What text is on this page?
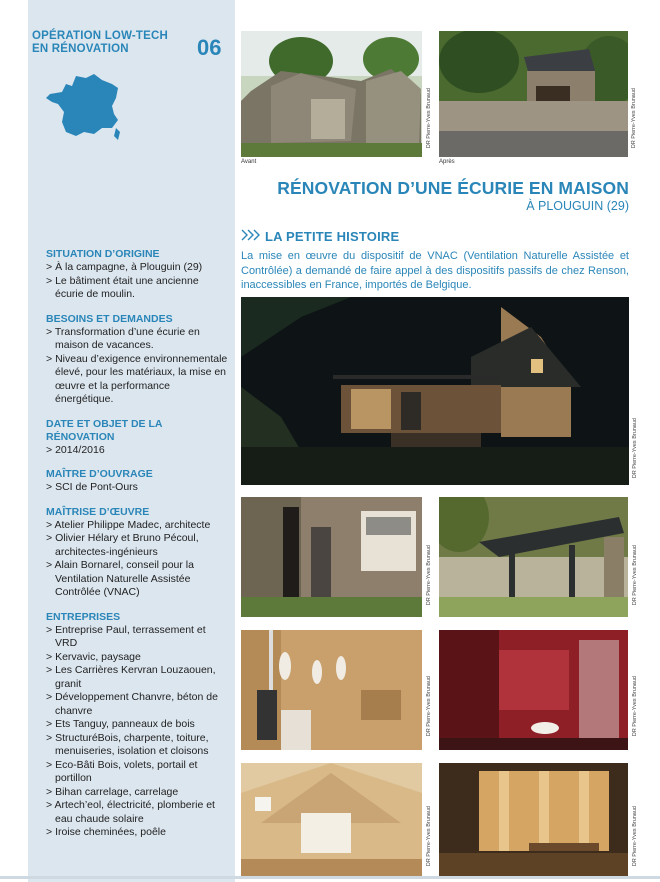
OPÉRATION LOW-TECH
EN RÉNOVATION	06
SITUATION D’ORIGINE
> À la campagne, à Plouguin (29)
> Le bâtiment était une ancienne écurie de moulin.
BESOINS ET DEMANDES
> Transformation d’une écurie en maison de vacances.
> Niveau d’exigence environnementale élevé, pour les matériaux, la mise en œuvre et la performance énergétique.
DATE ET OBJET DE LA RÉNOVATION
> 2014/2016
MAÎTRE D’OUVRAGE
> SCI de Pont-Ours
MAÎTRISE D’ŒUVRE
> Atelier Philippe Madec, architecte
> Olivier Hélary et Bruno Pécoul, architectes-ingénieurs
> Alain Bornarel, conseil pour la Ventilation Naturelle Assistée Contrôlée (VNAC)
ENTREPRISES
> Entreprise Paul, terrassement et VRD
> Kervavic, paysage
> Les Carrières Kervran Louzaouen, granit
> Développement Chanvre, béton de chanvre
> Ets Tanguy, panneaux de bois
> StructuréBois, charpente, toiture, menuiseries, isolation et cloisons
> Eco-Bâti Bois, volets, portail et portillon
> Bihan carrelage, carrelage
> Artech’eol, électricité, plomberie et eau chaude solaire
> Iroise cheminées, poêle
Avant
DR Pierre-Yves Brunaud
Après
DR Pierre-Yves Brunaud
RÉNOVATION D’UNE ÉCURIE EN MAISON
À PLOUGUIN (29)
LA PETITE HISTOIRE
La mise en œuvre du dispositif de VNAC (Ventilation Naturelle Assistée et Contrôlée) a demandé de faire appel à des dispositifs passifs de chez Renson, inaccessibles en France, importés de Belgique.
DR Pierre-Yves Brunaud
DR Pierre-Yves Brunaud	DR Pierre-Yves Brunaud
DR Pierre-Yves Brunaud	DR Pierre-Yves Brunaud
DR Pierre-Yves Brunaud	DR Pierre-Yves Brunaud
